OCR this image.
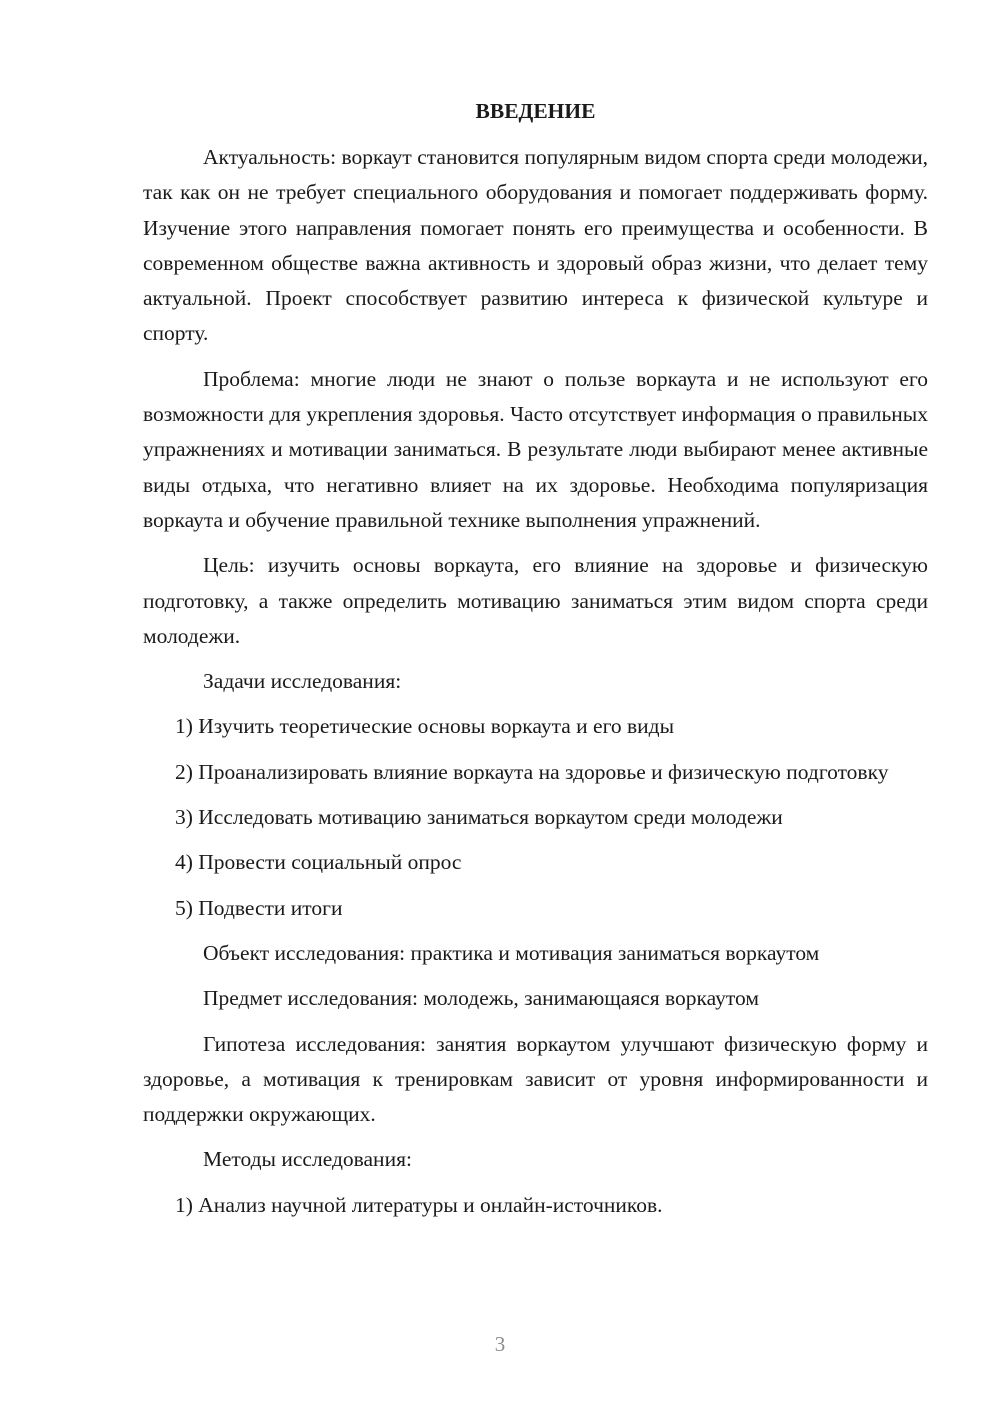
ВВЕДЕНИЕ

Актуальность: воркаут становится популярным видом спорта среди молодежи, так как он не требует специального оборудования и помогает поддерживать форму. Изучение этого направления помогает понять его преимущества и особенности. В современном обществе важна активность и здоровый образ жизни, что делает тему актуальной. Проект способствует развитию интереса к физической культуре и спорту.

Проблема: многие люди не знают о пользе воркаута и не используют его возможности для укрепления здоровья. Часто отсутствует информация о правильных упражнениях и мотивации заниматься. В результате люди выбирают менее активные виды отдыха, что негативно влияет на их здоровье. Необходима популяризация воркаута и обучение правильной технике выполнения упражнений.

Цель: изучить основы воркаута, его влияние на здоровье и физическую подготовку, а также определить мотивацию заниматься этим видом спорта среди молодежи.

Задачи исследования:
1) Изучить теоретические основы воркаута и его виды
2) Проанализировать влияние воркаута на здоровье и физическую подготовку
3) Исследовать мотивацию заниматься воркаутом среди молодежи
4) Провести социальный опрос
5) Подвести итоги
Объект исследования: практика и мотивация заниматься воркаутом
Предмет исследования: молодежь, занимающаяся воркаутом

Гипотеза исследования: занятия воркаутом улучшают физическую форму и здоровье, а мотивация к тренировкам зависит от уровня информированности и поддержки окружающих.

Методы исследования:
1) Анализ научной литературы и онлайн-источников.
3
